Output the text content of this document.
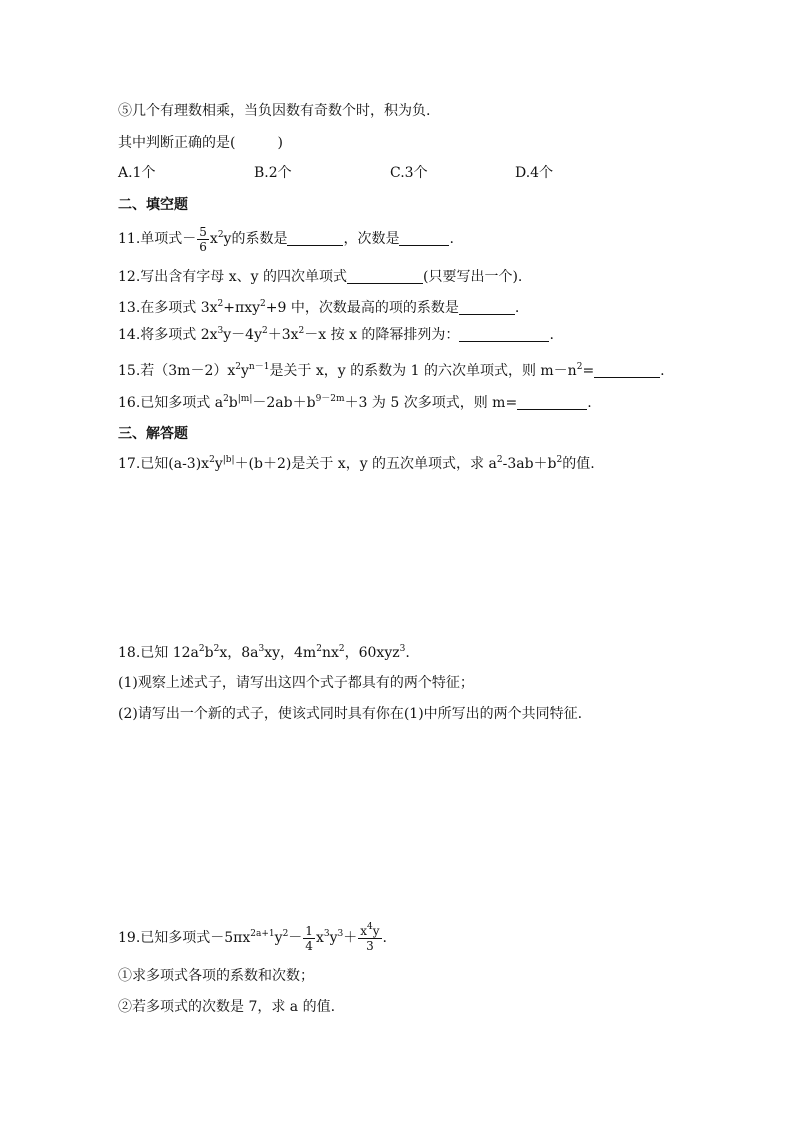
⑤几个有理数相乘，当负因数有奇数个时，积为负.
其中判断正确的是(　　　)
A.1个	B.2个	C.3个	D.4个
二、填空题
11.单项式－ $\frac{5}{6} x^2y$的系数是	，次数是	.
12.写出含有字母 x、y 的四次单项式	(只要写出一个).
13.在多项式 $3x^2+\pi xy^2+9$ 中，次数最高的项的系数是	.
14.将多项式 $2x^3y-4y^2+3x^2-x$ 按 x 的降幂排列为：	.
15.若$(3m-2)x^2y^{n-1}$是关于 x，y 的系数为 1 的六次单项式，则 $m-n^2=$	.
16.已知多项式 $a^2b^{|m|}-2ab+b^{9-2m}+3$ 为 5 次多项式，则 m=	.
三、解答题
17.已知$(a-3)x^2y^{|b|}+(b+2)$是关于 x，y 的五次单项式，求 $a^2-3ab+b^2$的值.
18.已知 $12a^2b^2x$，$8a^3xy$，$4m^2nx^2$，60xyz$^3$.
(1)观察上述式子，请写出这四个式子都具有的两个特征；
(2)请写出一个新的式子，使该式同时具有你在(1)中所写出的两个共同特征.
19.已知多项式$-5\pi x^{2a+1}y^2- \frac{1}{4} x^3y^3+ \frac{x^4y}{3}$ .
①求多项式各项的系数和次数；
②若多项式的次数是 7，求 a 的值.
